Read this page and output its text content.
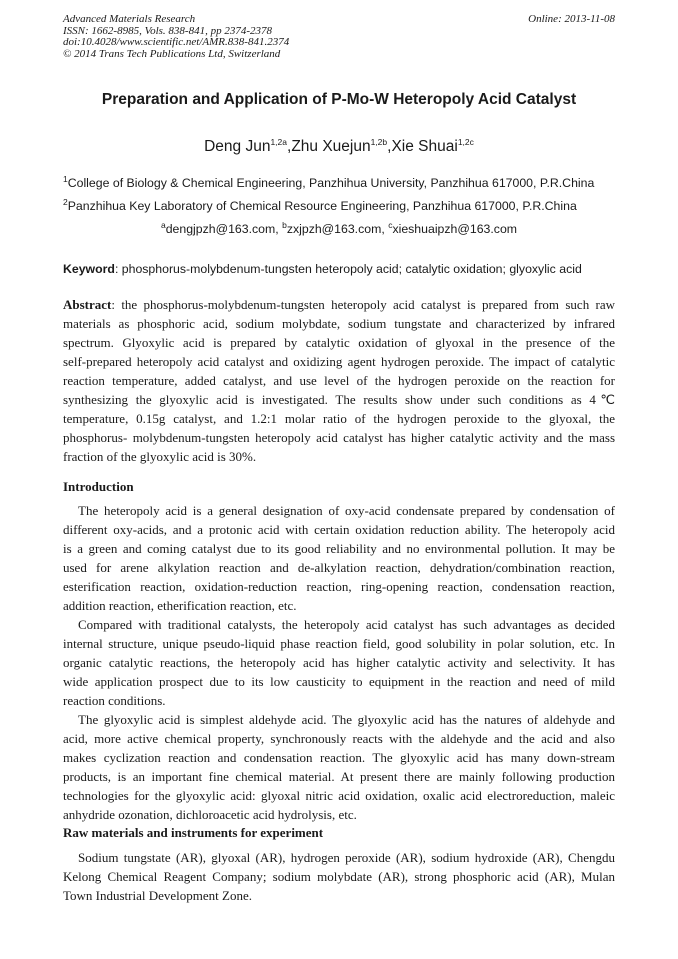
Advanced Materials Research
ISSN: 1662-8985, Vols. 838-841, pp 2374-2378
doi:10.4028/www.scientific.net/AMR.838-841.2374
© 2014 Trans Tech Publications Ltd, Switzerland
Online: 2013-11-08
Preparation and Application of P-Mo-W Heteropoly Acid Catalyst
Deng Jun$^{1,2a}$,Zhu Xuejun$^{1,2b}$,Xie Shuai$^{1,2c}$
$^1$College of Biology & Chemical Engineering, Panzhihua University, Panzhihua 617000, P.R.China
$^2$Panzhihua Key Laboratory of Chemical Resource Engineering, Panzhihua 617000, P.R.China
$^a$dengjpzh@163.com, $^b$zxjpzh@163.com, $^c$xieshuaipzh@163.com
Keyword: phosphorus-molybdenum-tungsten heteropoly acid; catalytic oxidation; glyoxylic acid
Abstract: the phosphorus-molybdenum-tungsten heteropoly acid catalyst is prepared from such raw
materials as phosphoric acid, sodium molybdate, sodium tungstate and characterized by infrared
spectrum. Glyoxylic acid is prepared by catalytic oxidation of glyoxal in the presence of the
self-prepared heteropoly acid catalyst and oxidizing agent hydrogen peroxide. The impact of catalytic
reaction temperature, added catalyst, and use level of the hydrogen peroxide on the reaction for
synthesizing the glyoxylic acid is investigated. The results show under such conditions as 4℃
temperature, 0.15g catalyst, and 1.2:1 molar ratio of the hydrogen peroxide to the glyoxal, the
phosphorus- molybdenum-tungsten heteropoly acid catalyst has higher catalytic activity and the mass
fraction of the glyoxylic acid is 30%.
Introduction
The heteropoly acid is a general designation of oxy-acid condensate prepared by condensation of
different oxy-acids, and a protonic acid with certain oxidation reduction ability. The heteropoly acid
is a green and coming catalyst due to its good reliability and no environmental pollution. It may be
used for arene alkylation reaction and de-alkylation reaction, dehydration/combination reaction,
esterification reaction, oxidation-reduction reaction, ring-opening reaction, condensation reaction,
addition reaction, etherification reaction, etc.
Compared with traditional catalysts, the heteropoly acid catalyst has such advantages as decided
internal structure, unique pseudo-liquid phase reaction field, good solubility in polar solution, etc. In
organic catalytic reactions, the heteropoly acid has higher catalytic activity and selectivity. It has
wide application prospect due to its low causticity to equipment in the reaction and need of mild
reaction conditions.
The glyoxylic acid is simplest aldehyde acid. The glyoxylic acid has the natures of aldehyde and
acid, more active chemical property, synchronously reacts with the aldehyde and the acid and also
makes cyclization reaction and condensation reaction. The glyoxylic acid has many down-stream
products, is an important fine chemical material. At present there are mainly following production
technologies for the glyoxylic acid: glyoxal nitric acid oxidation, oxalic acid electroreduction, maleic
anhydride ozonation, dichloroacetic acid hydrolysis, etc.
Raw materials and instruments for experiment
Sodium tungstate (AR), glyoxal (AR), hydrogen peroxide (AR), sodium hydroxide (AR), Chengdu
Kelong Chemical Reagent Company; sodium molybdate (AR), strong phosphoric acid (AR), Mulan
Town Industrial Development Zone.
